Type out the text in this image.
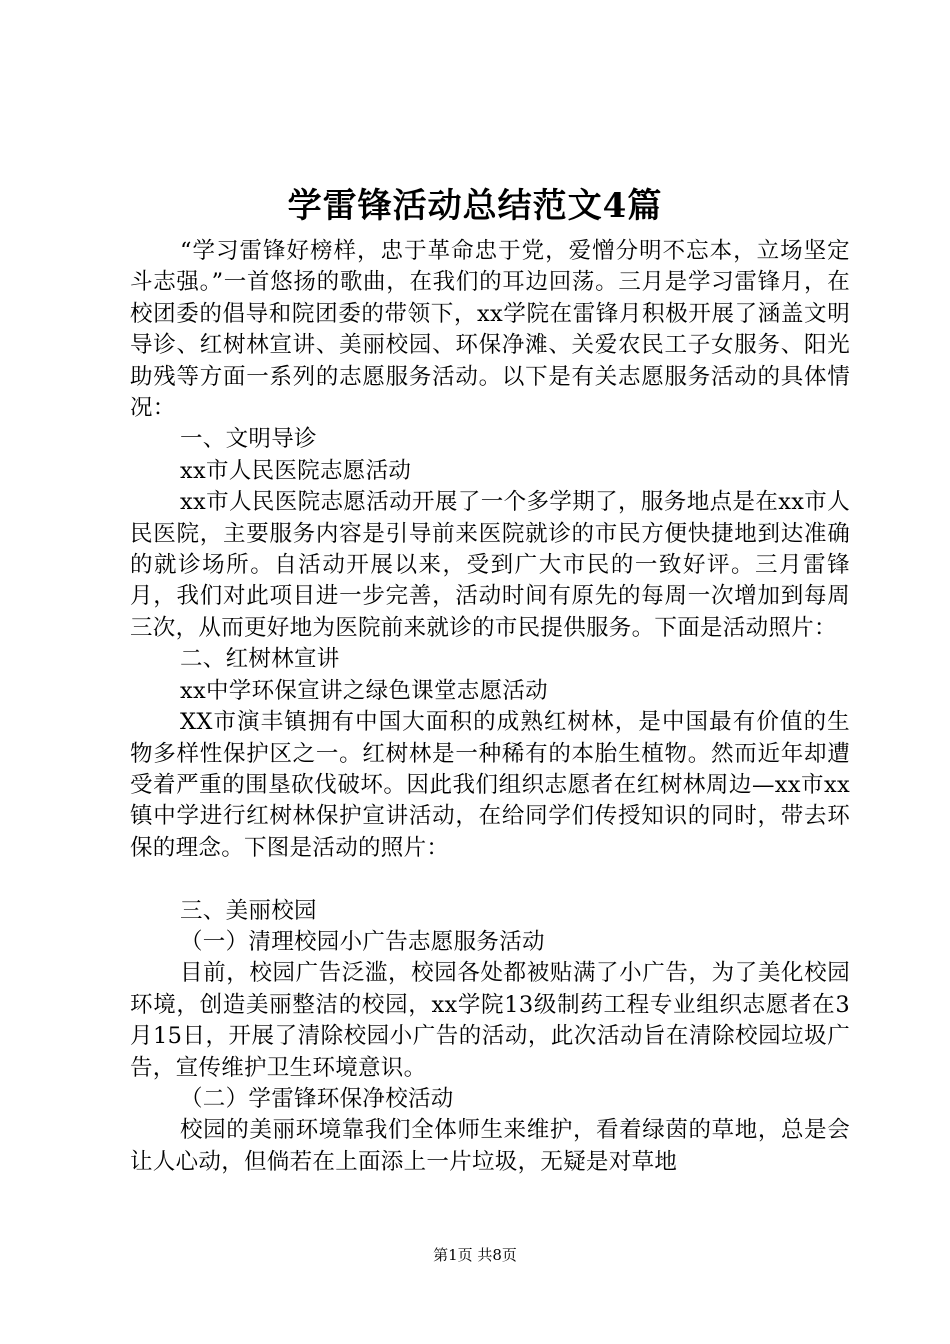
学雷锋活动总结范文4篇

“学习雷锋好榜样，忠于革命忠于党，爱憎分明不忘本，立场坚定斗志强。”一首悠扬的歌曲，在我们的耳边回荡。三月是学习雷锋月，在校团委的倡导和院团委的带领下，xx学院在雷锋月积极开展了涵盖文明导诊、红树林宣讲、美丽校园、环保净滩、关爱农民工子女服务、阳光助残等方面一系列的志愿服务活动。以下是有关志愿服务活动的具体情况：

一、文明导诊

xx市人民医院志愿活动

xx市人民医院志愿活动开展了一个多学期了，服务地点是在xx市人民医院，主要服务内容是引导前来医院就诊的市民方便快捷地到达准确的就诊场所。自活动开展以来，受到广大市民的一致好评。三月雷锋月，我们对此项目进一步完善，活动时间有原先的每周一次增加到每周三次，从而更好地为医院前来就诊的市民提供服务。下面是活动照片：

二、红树林宣讲

xx中学环保宣讲之绿色课堂志愿活动

XX市演丰镇拥有中国大面积的成熟红树林，是中国最有价值的生物多样性保护区之一。红树林是一种稀有的本胎生植物。然而近年却遭受着严重的围垦砍伐破坏。因此我们组织志愿者在红树林周边—xx市xx镇中学进行红树林保护宣讲活动，在给同学们传授知识的同时，带去环保的理念。下图是活动的照片：

三、美丽校园

（一）清理校园小广告志愿服务活动

目前，校园广告泛滥，校园各处都被贴满了小广告，为了美化校园环境，创造美丽整洁的校园，xx学院13级制药工程专业组织志愿者在3月15日，开展了清除校园小广告的活动，此次活动旨在清除校园垃圾广告，宣传维护卫生环境意识。

（二）学雷锋环保净校活动

校园的美丽环境靠我们全体师生来维护，看着绿茵的草地，总是会让人心动，但倘若在上面添上一片垃圾，无疑是对草地

第1页 共8页
